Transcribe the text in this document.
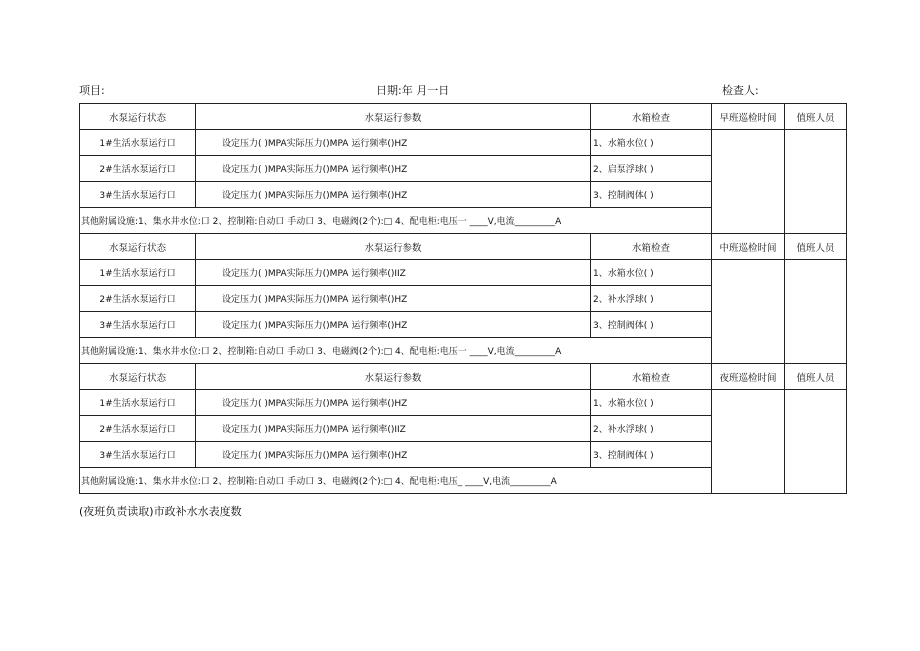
项目:	日期:年 月一日	检查人:
水泵运行状态	水泵运行参数	水箱检查	早班巡检时间	值班人员
1#生活水泵运行口	设定压力( )MPA实际压力()MPA 运行频率()HZ	1、水箱水位( )		
2#生活水泵运行口	设定压力( )MPA实际压力()MPA 运行频率()HZ	2、启泵浮球( )		
3#生活水泵运行口	设定压力( )MPA实际压力()MPA 运行频率()HZ	3、控制阀体( )		
其他附属设施:1、集水井水位:口 2、控制箱:自动口 手动口 3、电磁阀(2个):□ 4、配电柜:电压一 ____V,电流_________A				
水泵运行状态	水泵运行参数	水箱检查	中班巡检时间	值班人员
1#生活水泵运行口	设定压力( )MPA实际压力()MPA 运行频率()IIZ	1、水箱水位( )		
2#生活水泵运行口	设定压力( )MPA实际压力()MPA 运行频率()HZ	2、补水浮球( )		
3#生活水泵运行口	设定压力( )MPA实际压力()MPA 运行频率()HZ	3、控制阀体( )		
其他附属设施:1、集水井水位:口 2、控制箱:自动口 手动口 3、电磁阀(2个):□ 4、配电柜:电压一 ____V,电流_________A				
水泵运行状态	水泵运行参数	水箱检查	夜班巡检时间	值班人员
1#生活水泵运行口	设定压力( )MPA实际压力()MPA 运行频率()HZ	1、水箱水位( )		
2#生活水泵运行口	设定压力( )MPA实际压力()MPA 运行频率()IIZ	2、补水浮球( )		
3#生活水泵运行口	设定压力( )MPA实际压力()MPA 运行频率()HZ	3、控制阀体( )		
其他附属设施:1、集水井水位:口 2、控制箱:自动口 手动口 3、电磁阀(2个):□ 4、配电柜:电压_ ____V,电流_________A				
(夜班负责读取)市政补水水表度数
